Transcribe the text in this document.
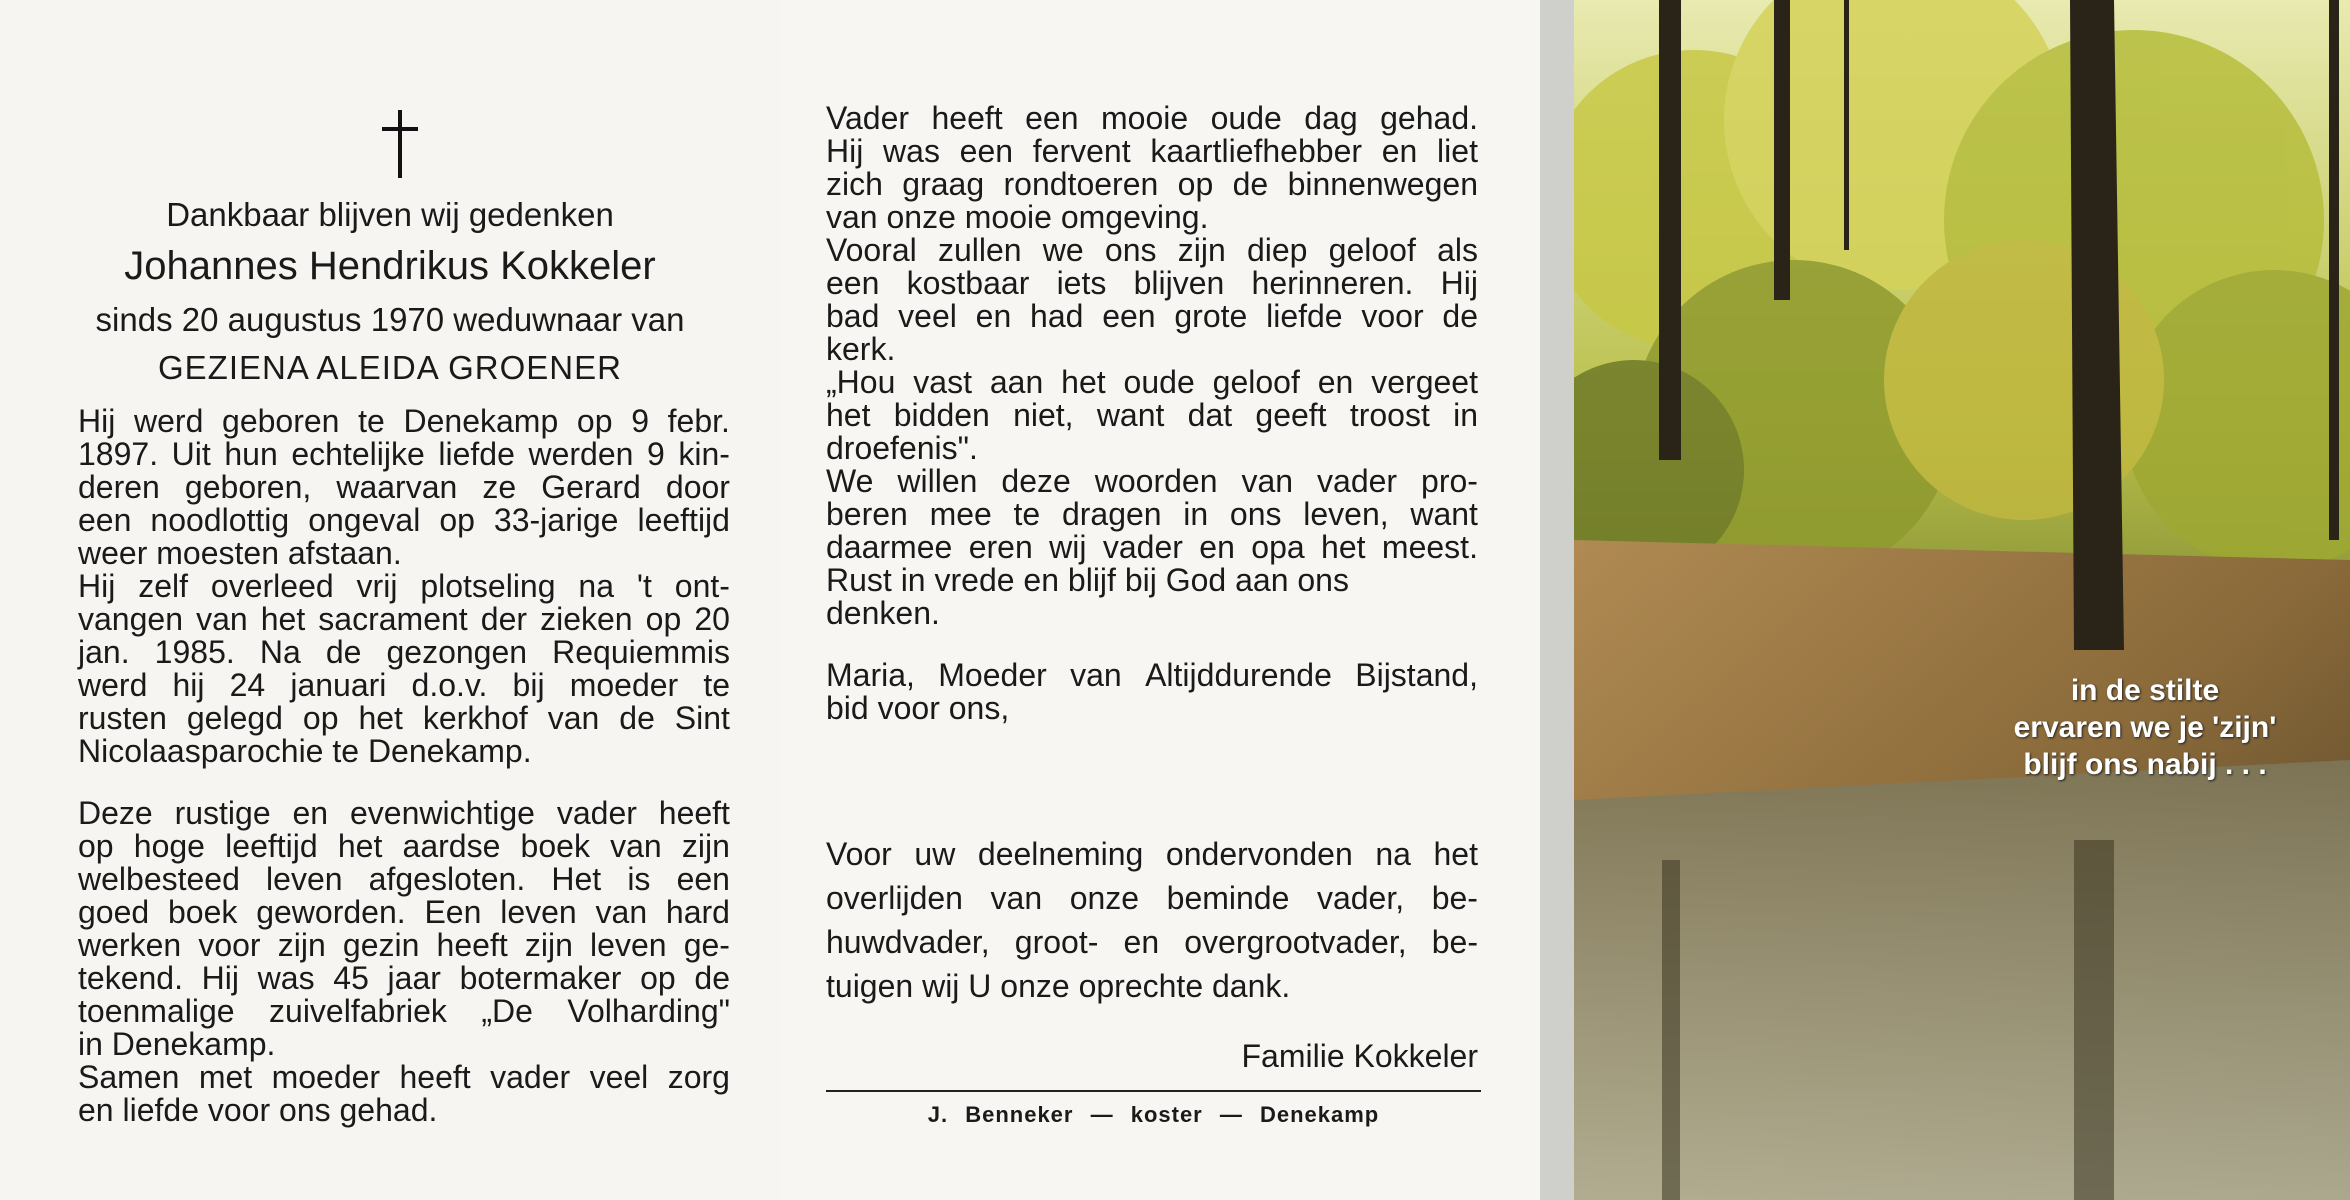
Dankbaar blijven wij gedenken
Johannes Hendrikus Kokkeler
sinds 20 augustus 1970 weduwnaar van
GEZIENA ALEIDA GROENER

Hij werd geboren te Denekamp op 9 febr.
1897. Uit hun echtelijke liefde werden 9 kin-
deren geboren, waarvan ze Gerard door
een noodlottig ongeval op 33-jarige leeftijd
weer moesten afstaan.
Hij zelf overleed vrij plotseling na 't ont-
vangen van het sacrament der zieken op 20
jan. 1985. Na de gezongen Requiemmis
werd hij 24 januari d.o.v. bij moeder te
rusten gelegd op het kerkhof van de Sint
Nicolaasparochie te Denekamp.

Deze rustige en evenwichtige vader heeft
op hoge leeftijd het aardse boek van zijn
welbesteed leven afgesloten. Het is een
goed boek geworden. Een leven van hard
werken voor zijn gezin heeft zijn leven ge-
tekend. Hij was 45 jaar botermaker op de
toenmalige zuivelfabriek „De Volharding"
in Denekamp.
Samen met moeder heeft vader veel zorg
en liefde voor ons gehad.

Vader heeft een mooie oude dag gehad.
Hij was een fervent kaartliefhebber en liet
zich graag rondtoeren op de binnenwegen
van onze mooie omgeving.
Vooral zullen we ons zijn diep geloof als
een kostbaar iets blijven herinneren. Hij
bad veel en had een grote liefde voor de
kerk.
„Hou vast aan het oude geloof en vergeet
het bidden niet, want dat geeft troost in
droefenis".
We willen deze woorden van vader pro-
beren mee te dragen in ons leven, want
daarmee eren wij vader en opa het meest.
Rust in vrede en blijf bij God aan ons
denken.

Maria, Moeder van Altijddurende Bijstand,
bid voor ons,

Voor uw deelneming ondervonden na het
overlijden van onze beminde vader, be-
huwdvader, groot- en overgrootvader, be-
tuigen wij U onze oprechte dank.
Familie Kokkeler
J. Benneker — koster — Denekamp
in de stilte
ervaren we je 'zijn'
blijf ons nabij . . .
